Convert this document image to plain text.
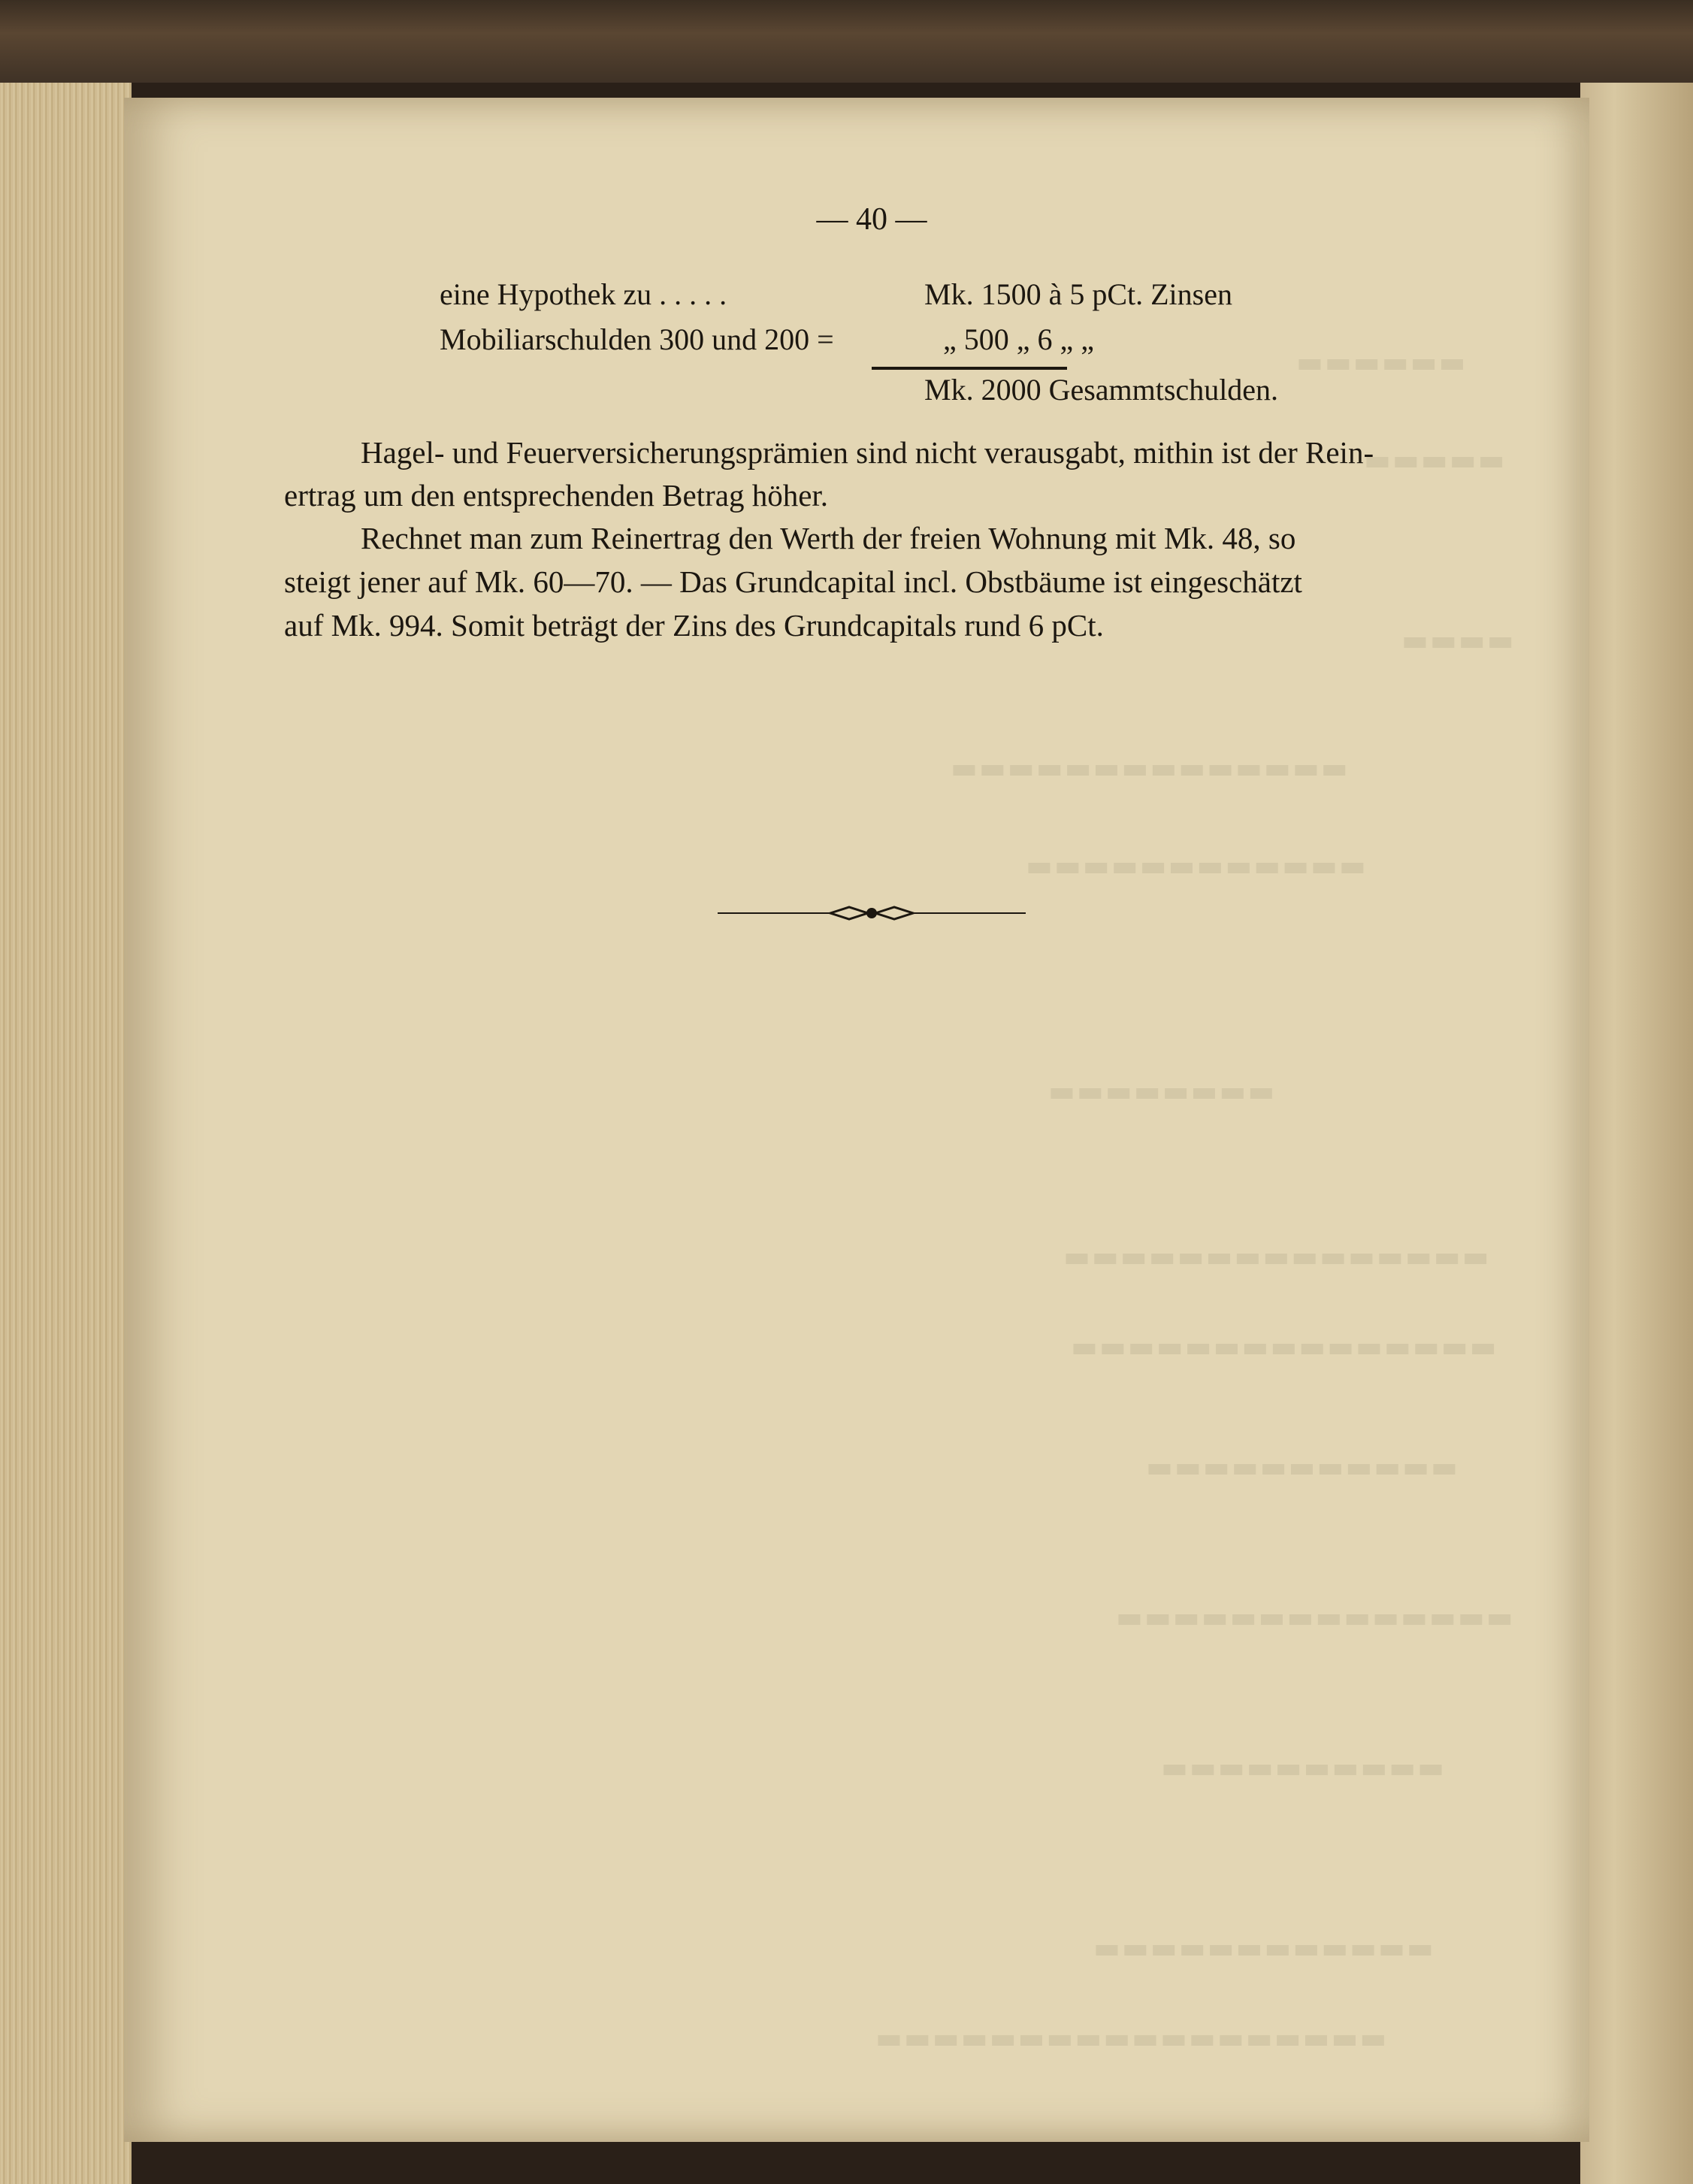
▬▬▬▬▬▬
▬▬▬▬▬
▬▬▬▬
▬▬▬▬▬▬▬▬▬▬▬▬▬▬
▬▬▬▬▬▬▬▬▬▬▬▬
▬▬▬▬▬▬▬▬
▬▬▬▬▬▬▬▬▬▬▬▬▬▬▬
▬▬▬▬▬▬▬▬▬▬▬▬▬▬▬
▬▬▬▬▬▬▬▬▬▬▬
▬▬▬▬▬▬▬▬▬▬▬▬▬▬
▬▬▬▬▬▬▬▬▬▬
▬▬▬▬▬▬▬▬▬▬▬▬
▬▬▬▬▬▬▬▬▬▬▬▬▬▬▬▬▬▬
— 40 —
eine Hypothek zu . . . . .	Mk. 1500 à 5 pCt. Zinsen
Mobiliarschulden 300 und 200 =	„ 500 „ 6 „ „
Mk. 2000 Gesammtschulden.
Hagel- und Feuerversicherungsprämien sind nicht verausgabt, mithin ist der Rein-
ertrag um den entsprechenden Betrag höher.
Rechnet man zum Reinertrag den Werth der freien Wohnung mit Mk. 48, so
steigt jener auf Mk. 60—70. — Das Grundcapital incl. Obstbäume ist eingeschätzt
auf Mk. 994. Somit beträgt der Zins des Grundcapitals rund 6 pCt.
